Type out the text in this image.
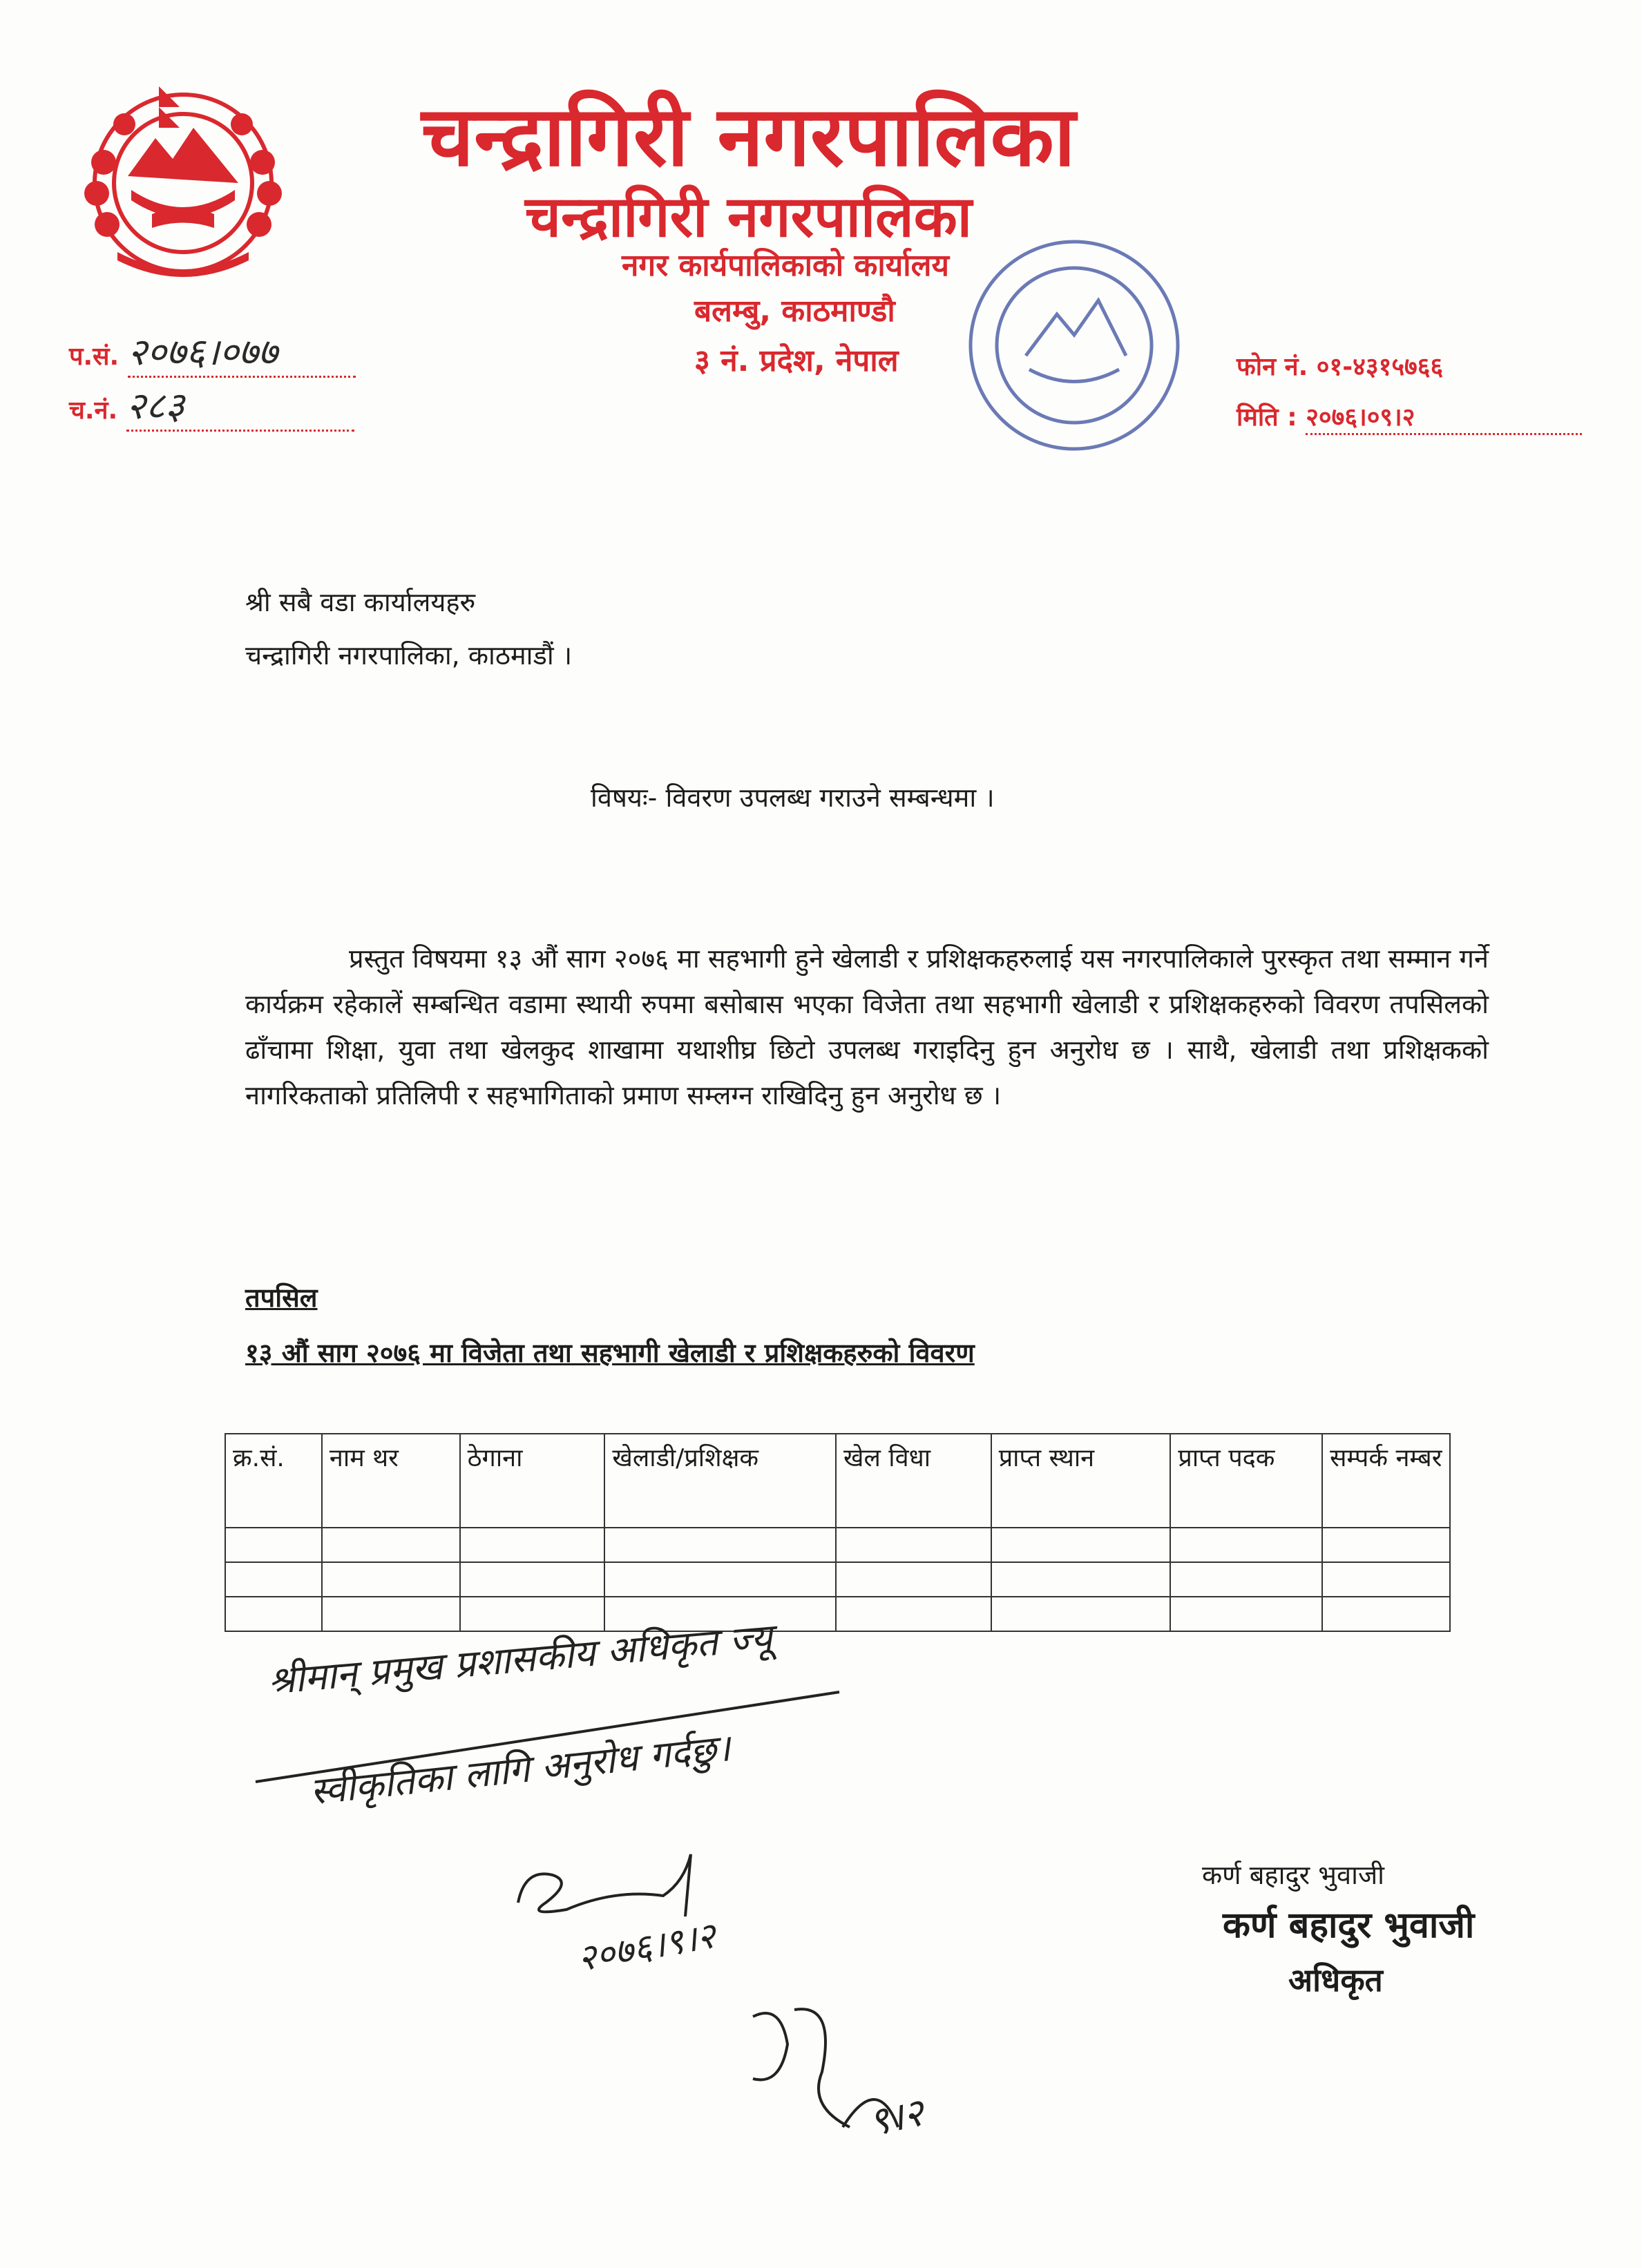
चन्द्रागिरी नगरपालिका
चन्द्रागिरी नगरपालिका
नगर कार्यपालिकाको कार्यालय
बलम्बु, काठमाण्डौ
३ नं. प्रदेश, नेपाल
प.सं. २०७६।०७७
च.नं. २८३
फोन नं. ०१-४३१५७६६
मिति : २०७६।०९।२
श्री सबै वडा कार्यालयहरु
चन्द्रागिरी नगरपालिका, काठमाडौं ।
विषयः- विवरण उपलब्ध गराउने सम्बन्धमा ।
प्रस्तुत विषयमा १३ औं साग २०७६ मा सहभागी हुने खेलाडी र प्रशिक्षकहरुलाई यस नगरपालिकाले पुरस्कृत तथा सम्मान गर्ने कार्यक्रम रहेकालें सम्बन्धित वडामा स्थायी रुपमा बसोबास भएका विजेता तथा सहभागी खेलाडी र प्रशिक्षकहरुको विवरण तपसिलको ढाँचामा शिक्षा, युवा तथा खेलकुद शाखामा यथाशीघ्र छिटो उपलब्ध गराइदिनु हुन अनुरोध छ । साथै, खेलाडी तथा प्रशिक्षकको नागरिकताको प्रतिलिपी र सहभागिताको प्रमाण सम्लग्न राखिदिनु हुन अनुरोध छ ।
तपसिल
१३ औं साग २०७६ मा विजेता तथा सहभागी खेलाडी र प्रशिक्षकहरुको विवरण
क्र.सं.	नाम थर	ठेगाना	खेलाडी/प्रशिक्षक	खेल विधा	प्राप्त स्थान	प्राप्त पदक	सम्पर्क नम्बर

श्रीमान् प्रमुख प्रशासकीय अधिकृत ज्यू
स्वीकृतिका लागि अनुरोध गर्दछु।
२०७६।९।२
९।२
कर्ण बहादुर भुवाजी
कर्ण बहादुर भुवाजी
अधिकृत
